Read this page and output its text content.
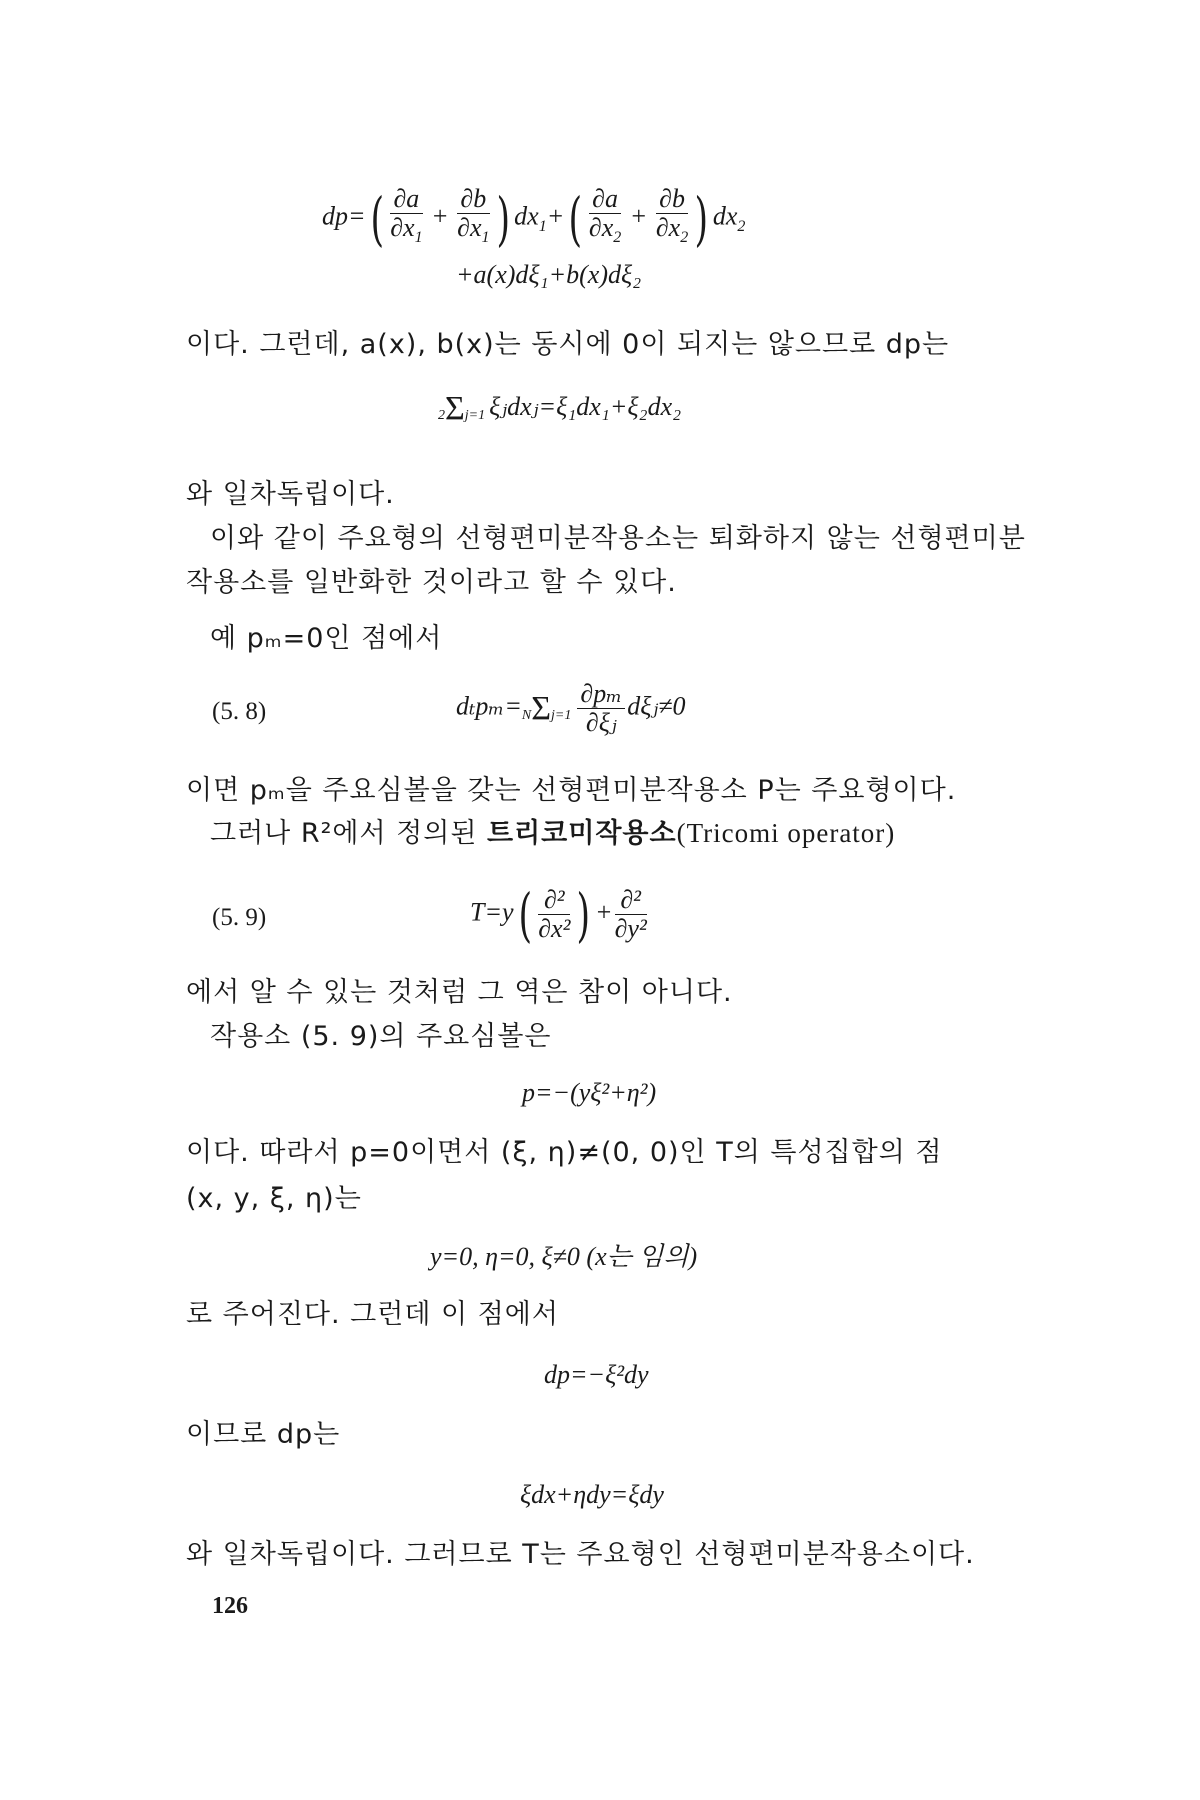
$dp=( \frac{\partial a}{\partial x_1} + \frac{\partial b}{\partial x_1}$ ) $dx_1+( \frac{\partial a}{\partial x_2} + \frac{\partial b}{\partial x_2}$ ) $dx_2$
+a(x)dξ₁+b(x)dξ₂
이다. 그런데, a(x), b(x)는 동시에 0이 되지는 않으므로 dp는
2Σj=1 ξⱼdxⱼ=ξ₁dx₁+ξ₂dx₂
와 일차독립이다.
이와 같이 주요형의 선형편미분작용소는 퇴화하지 않는 선형편미분
작용소를 일반화한 것이라고 할 수 있다.
예 pₘ=0인 점에서
(5. 8)	$d_tp_m=N\Sigma j=1 \frac{\text{∂pₘ}}{\text{∂ξⱼ}}$ dξⱼ≠0
이면 pₘ을 주요심볼을 갖는 선형편미분작용소 P는 주요형이다.
그러나 R²에서 정의된 트리코미작용소(Tricomi operator)
(5. 9)	$T=y( \frac{\text{∂²}}{\text{∂x²}}$ ) + $\frac{\text{∂²}}{\text{∂y²}}$
에서 알 수 있는 것처럼 그 역은 참이 아니다.
작용소 (5. 9)의 주요심볼은
p=−(yξ²+η²)
이다. 따라서 p=0이면서 (ξ, η)≠(0, 0)인 T의 특성집합의 점
(x, y, ξ, η)는
y=0, η=0, ξ≠0 (x는 임의)
로 주어진다. 그런데 이 점에서
dp=−ξ²dy
이므로 dp는
ξdx+ηdy=ξdy
와 일차독립이다. 그러므로 T는 주요형인 선형편미분작용소이다.
126
